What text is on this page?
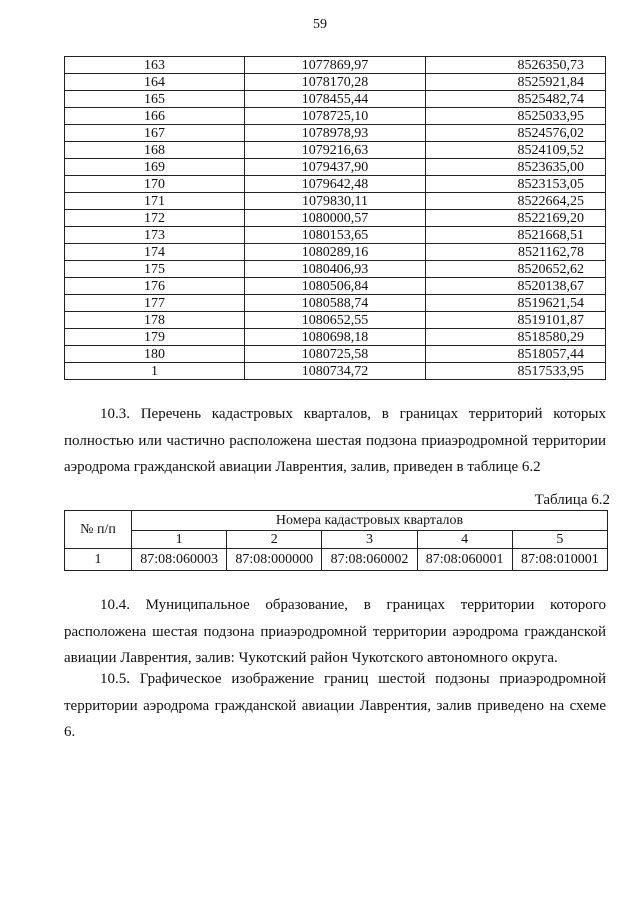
59
163	1077869,97	8526350,73
164	1078170,28	8525921,84
165	1078455,44	8525482,74
166	1078725,10	8525033,95
167	1078978,93	8524576,02
168	1079216,63	8524109,52
169	1079437,90	8523635,00
170	1079642,48	8523153,05
171	1079830,11	8522664,25
172	1080000,57	8522169,20
173	1080153,65	8521668,51
174	1080289,16	8521162,78
175	1080406,93	8520652,62
176	1080506,84	8520138,67
177	1080588,74	8519621,54
178	1080652,55	8519101,87
179	1080698,18	8518580,29
180	1080725,58	8518057,44
1	1080734,72	8517533,95

10.3. Перечень кадастровых кварталов, в границах территорий которых полностью или частично расположена шестая подзона приаэродромной территории аэродрома гражданской авиации Лаврентия, залив, приведен в таблице 6.2

Таблица 6.2
№ п/п	Номера кадастровых кварталов				
	1	2	3	4	5
1	87:08:060003	87:08:000000	87:08:060002	87:08:060001	87:08:010001

10.4. Муниципальное образование, в границах территории которого расположена шестая подзона приаэродромной территории аэродрома гражданской авиации Лаврентия, залив: Чукотский район Чукотского автономного округа.

10.5. Графическое изображение границ шестой подзоны приаэродромной территории аэродрома гражданской авиации Лаврентия, залив приведено на схеме 6.
